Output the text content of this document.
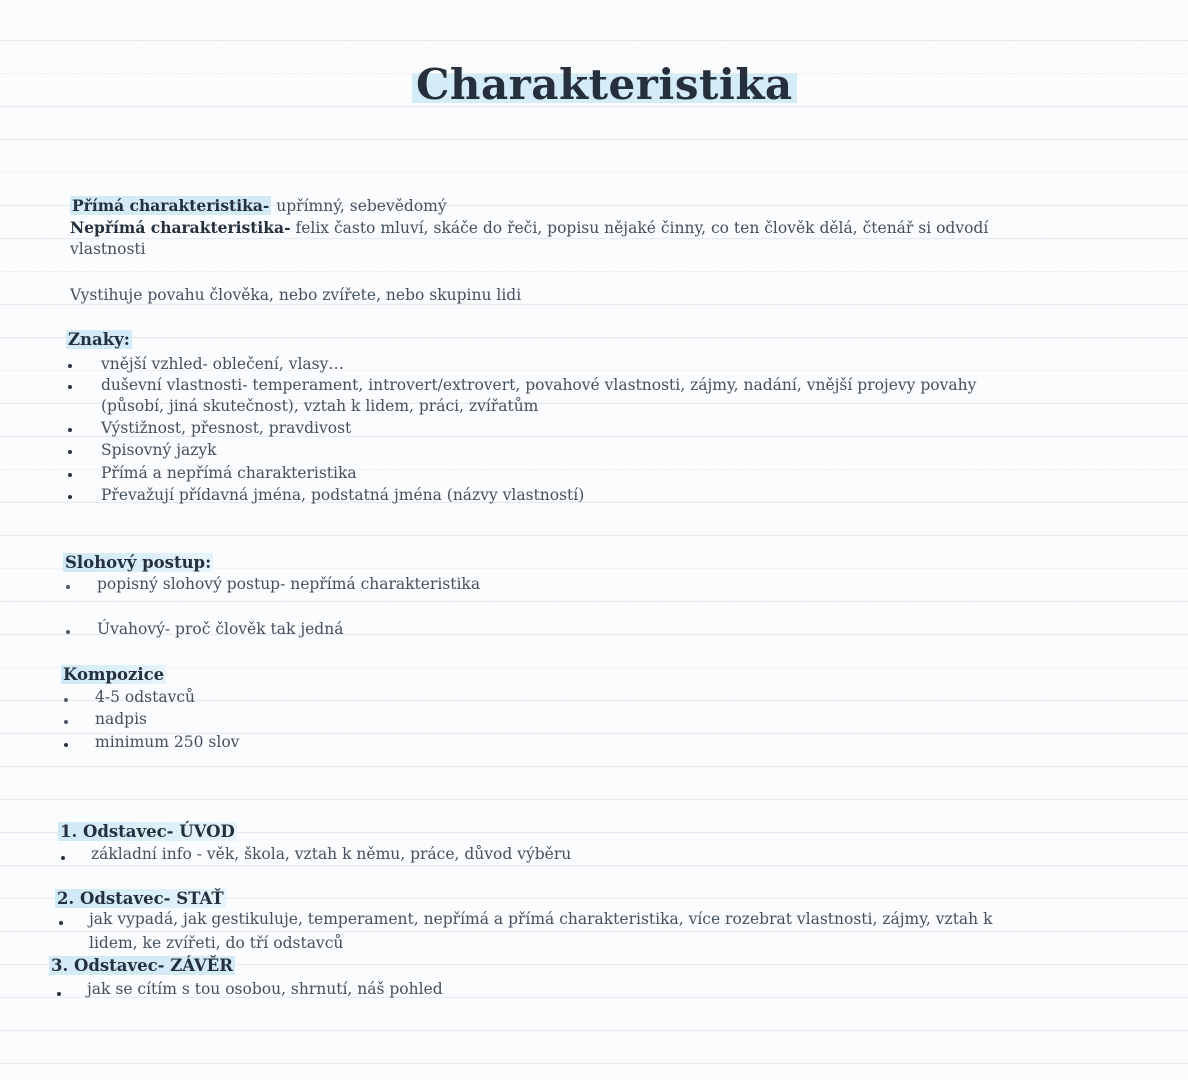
Charakteristika
Přímá charakteristika- upřímný, sebevědomý
Nepřímá charakteristika- felix často mluví, skáče do řeči, popisu nějaké činny, co ten člověk dělá, čtenář si odvodí
vlastnosti
Vystihuje povahu člověka, nebo zvířete, nebo skupinu lidi
Znaky:
vnější vzhled- oblečení, vlasy…
duševní vlastnosti- temperament, introvert/extrovert, povahové vlastnosti, zájmy, nadání, vnější projevy povahy
(působí, jiná skutečnost), vztah k lidem, práci, zvířatům
Výstižnost, přesnost, pravdivost
Spisovný jazyk
Přímá a nepřímá charakteristika
Převažují přídavná jména, podstatná jména (názvy vlastností)
Slohový postup:
popisný slohový postup- nepřímá charakteristika
Úvahový- proč člověk tak jedná
Kompozice
4-5 odstavců
nadpis
minimum 250 slov
1. Odstavec- ÚVOD
základní info - věk, škola, vztah k němu, práce, důvod výběru
2. Odstavec- STAŤ
jak vypadá, jak gestikuluje, temperament, nepřímá a přímá charakteristika, více rozebrat vlastnosti, zájmy, vztah k
lidem, ke zvířeti, do tří odstavců
3. Odstavec- ZÁVĚR
jak se cítím s tou osobou, shrnutí, náš pohled
